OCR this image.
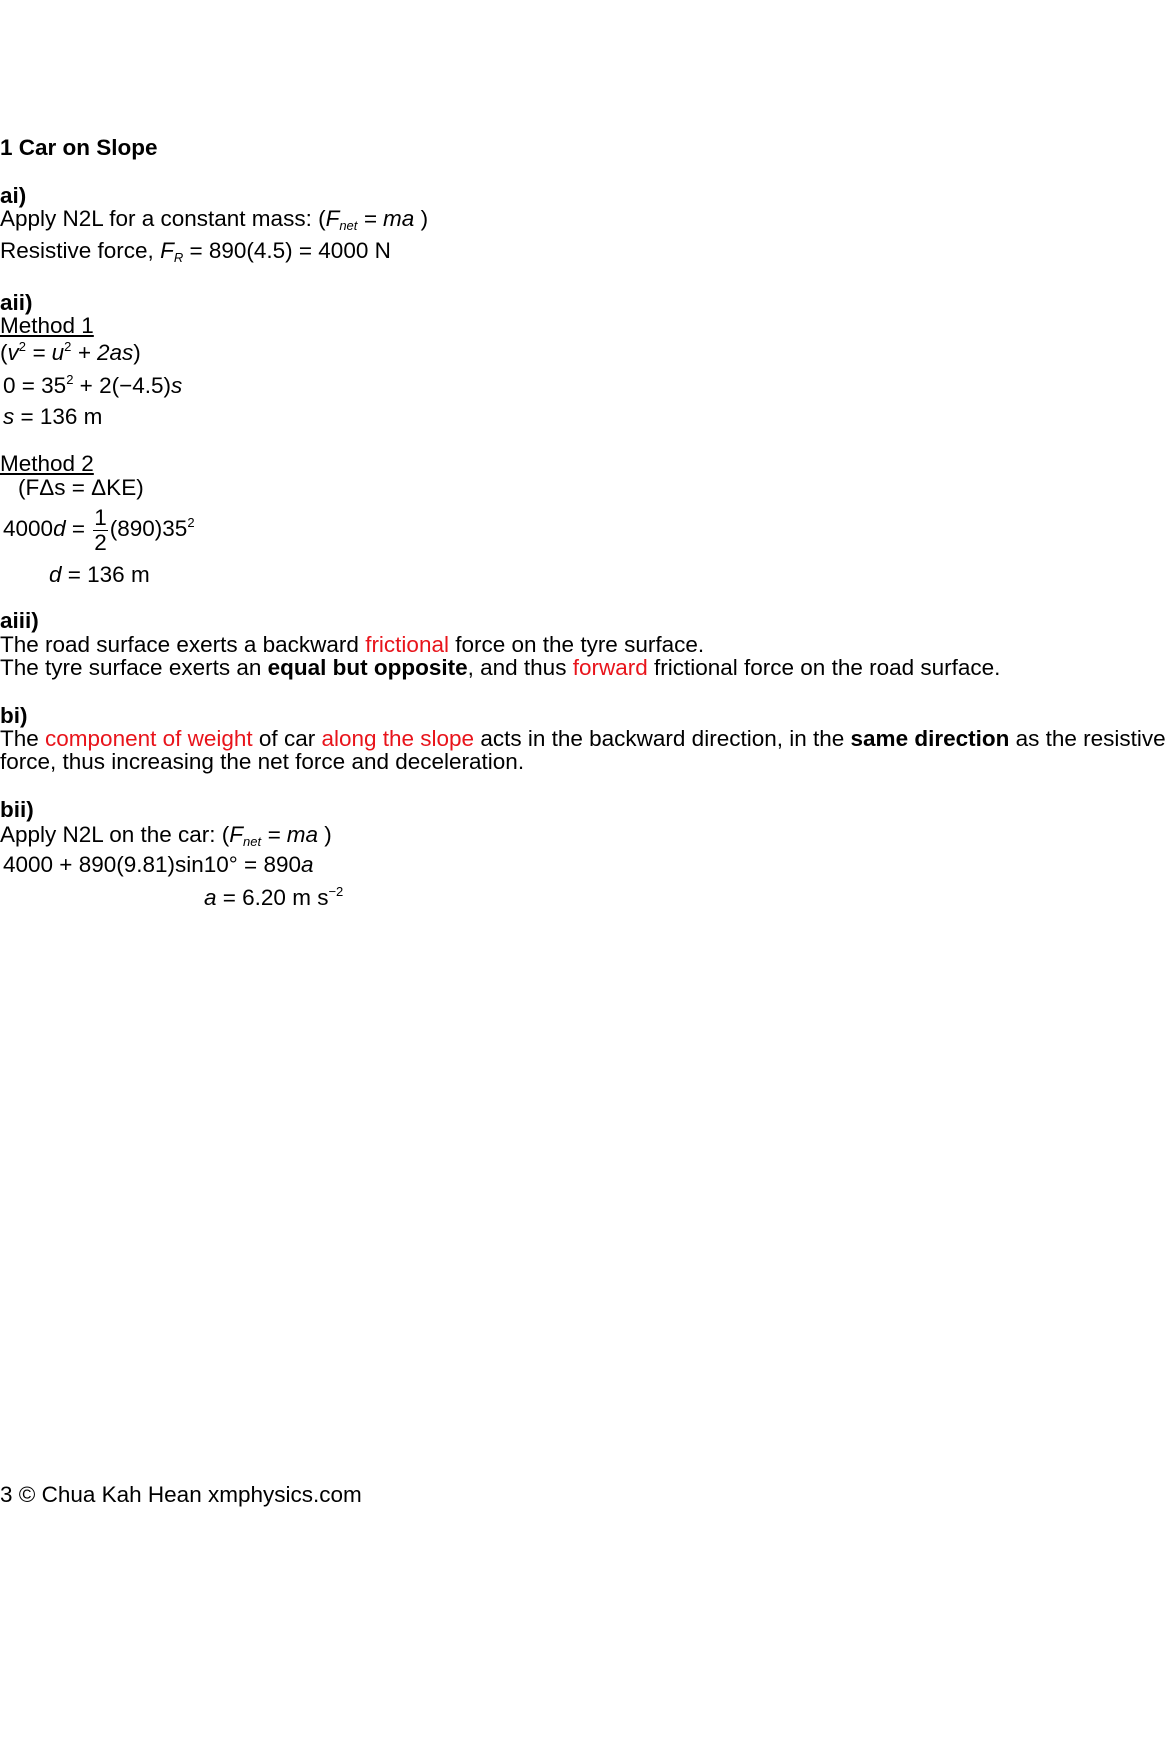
1 Car on Slope
ai)
Apply N2L for a constant mass: ($F_{net}$ = ma )
Resistive force, $F_R = 890(4.5) = 4000$ N
aii)
Method 1
$(v^2 = u^2 + 2as)$
$0 = 35^2 + 2(-4.5)s$
s = 136 m
Method 2
(FΔs = ΔKE)
$4000d = \frac{1}{2} (890)35^2$
d = 136 m
aiii)
The road surface exerts a backward frictional force on the tyre surface.
The tyre surface exerts an equal but opposite, and thus forward frictional force on the road surface.
bi)
The component of weight of car along the slope acts in the backward direction, in the same direction as the resistive
force, thus increasing the net force and deceleration.
bii)
Apply N2L on the car: ($F_{net}$ = ma )
4000 + 890(9.81)sin10° = 890a
a = 6.20 m $s^{-2}$
3 © Chua Kah Hean xmphysics.com
